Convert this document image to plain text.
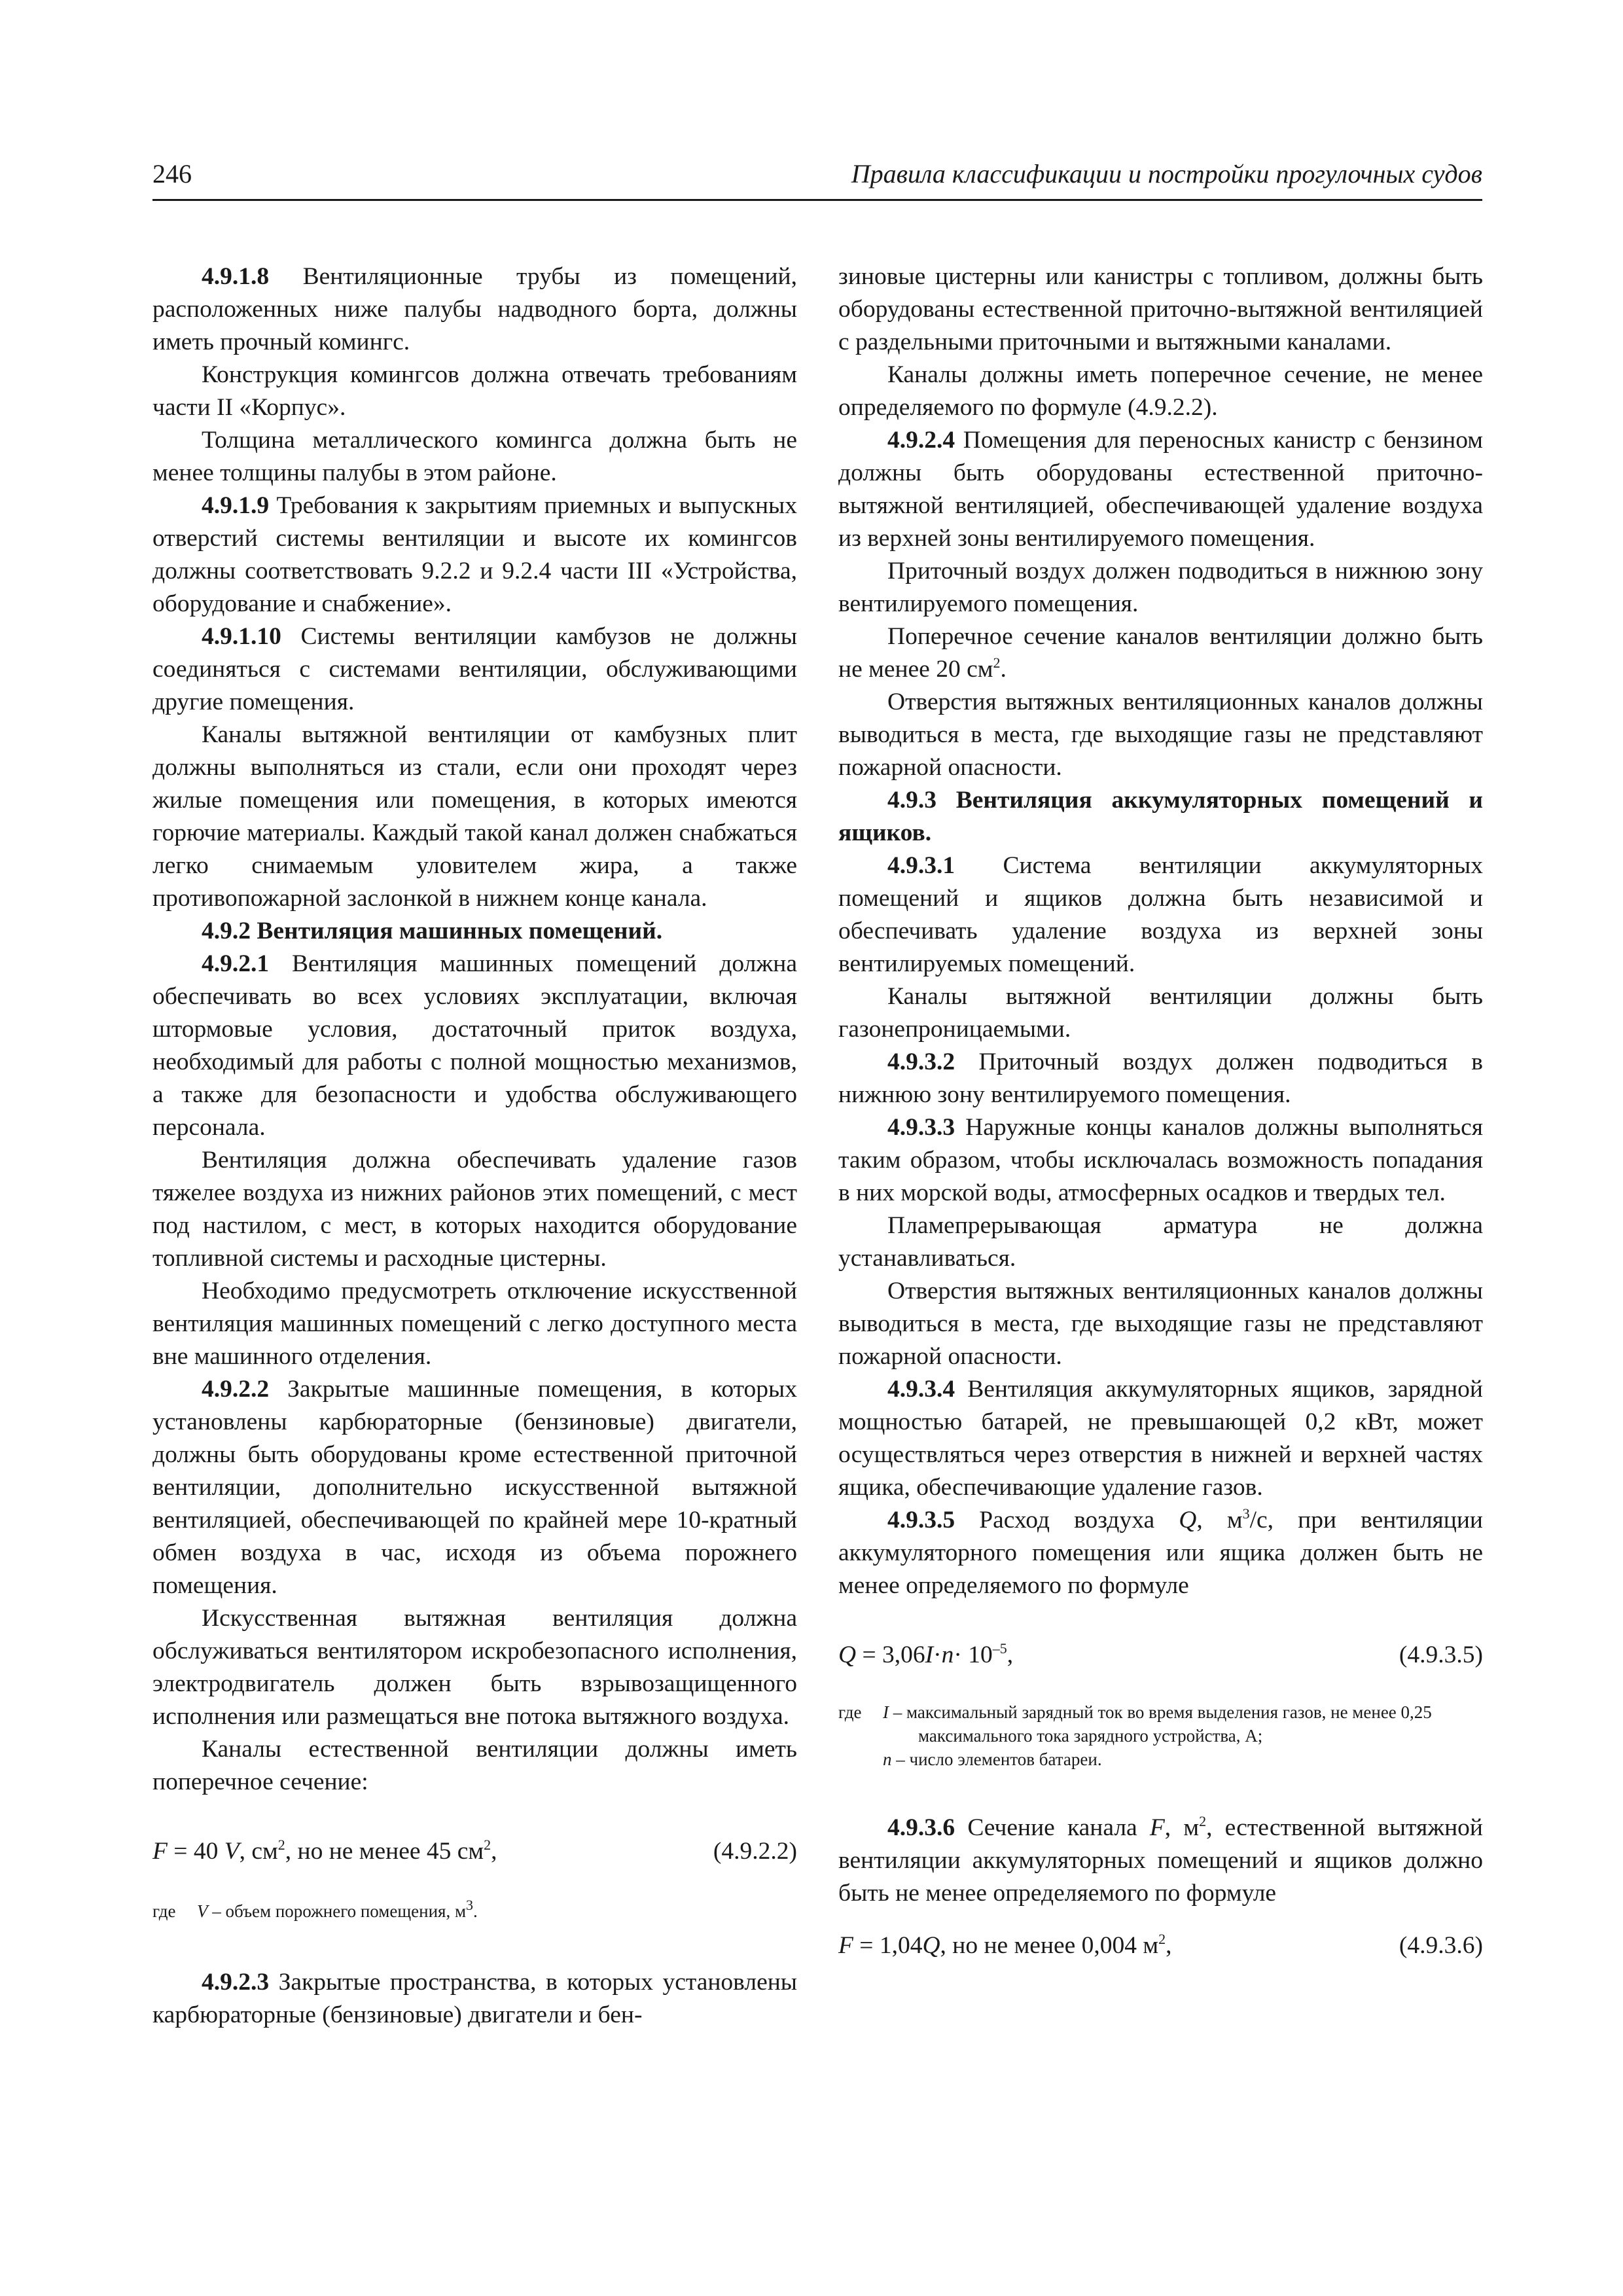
246	Правила классификации и постройки прогулочных судов

4.9.1.8 Вентиляционные трубы из помещений, расположенных ниже палубы надводного борта, должны иметь прочный комингс.

Конструкция комингсов должна отвечать требованиям части II «Корпус».

Толщина металлического комингса должна быть не менее толщины палубы в этом районе.

4.9.1.9 Требования к закрытиям приемных и выпускных отверстий системы вентиляции и высоте их комингсов должны соответствовать 9.2.2 и 9.2.4 части III «Устройства, оборудование и снабжение».

4.9.1.10 Системы вентиляции камбузов не должны соединяться с системами вентиляции, обслуживающими другие помещения.

Каналы вытяжной вентиляции от камбузных плит должны выполняться из стали, если они проходят через жилые помещения или помещения, в которых имеются горючие материалы. Каждый такой канал должен снабжаться легко снимаемым уловителем жира, а также противопожарной заслонкой в нижнем конце канала.

4.9.2 Вентиляция машинных помещений.

4.9.2.1 Вентиляция машинных помещений должна обеспечивать во всех условиях эксплуатации, включая штормовые условия, достаточный приток воздуха, необходимый для работы с полной мощностью механизмов, а также для безопасности и удобства обслуживающего персонала.

Вентиляция должна обеспечивать удаление газов тяжелее воздуха из нижних районов этих помещений, с мест под настилом, с мест, в которых находится оборудование топливной системы и расходные цистерны.

Необходимо предусмотреть отключение искусственной вентиляция машинных помещений с легко доступного места вне машинного отделения.

4.9.2.2 Закрытые машинные помещения, в которых установлены карбюраторные (бензиновые) двигатели, должны быть оборудованы кроме естественной приточной вентиляции, дополнительно искусственной вытяжной вентиляцией, обеспечивающей по крайней мере 10-кратный обмен воздуха в час, исходя из объема порожнего помещения.

Искусственная вытяжная вентиляция должна обслуживаться вентилятором искробезопасного исполнения, электродвигатель должен быть взрывозащищенного исполнения или размещаться вне потока вытяжного воздуха.

Каналы естественной вентиляции должны иметь поперечное сечение:

F = 40 V, $см^2$, но не менее 45 $см^2$,	(4.9.2.2)
где V – объем порожнего помещения, $м^3$.

4.9.2.3 Закрытые пространства, в которых установлены карбюраторные (бензиновые) двигатели и бен-

зиновые цистерны или канистры с топливом, должны быть оборудованы естественной приточно-вытяжной вентиляцией с раздельными приточными и вытяжными каналами.

Каналы должны иметь поперечное сечение, не менее определяемого по формуле (4.9.2.2).

4.9.2.4 Помещения для переносных канистр с бензином должны быть оборудованы естественной приточно-вытяжной вентиляцией, обеспечивающей удаление воздуха из верхней зоны вентилируемого помещения.

Приточный воздух должен подводиться в нижнюю зону вентилируемого помещения.

Поперечное сечение каналов вентиляции должно быть не менее 20 $см^2$.

Отверстия вытяжных вентиляционных каналов должны выводиться в места, где выходящие газы не представляют пожарной опасности.

4.9.3 Вентиляция аккумуляторных помещений и ящиков.

4.9.3.1 Система вентиляции аккумуляторных помещений и ящиков должна быть независимой и обеспечивать удаление воздуха из верхней зоны вентилируемых помещений.

Каналы вытяжной вентиляции должны быть газонепроницаемыми.

4.9.3.2 Приточный воздух должен подводиться в нижнюю зону вентилируемого помещения.

4.9.3.3 Наружные концы каналов должны выполняться таким образом, чтобы исключалась возможность попадания в них морской воды, атмосферных осадков и твердых тел.

Пламепрерывающая арматура не должна устанавливаться.

Отверстия вытяжных вентиляционных каналов должны выводиться в места, где выходящие газы не представляют пожарной опасности.

4.9.3.4 Вентиляция аккумуляторных ящиков, зарядной мощностью батарей, не превышающей 0,2 кВт, может осуществляться через отверстия в нижней и верхней частях ящика, обеспечивающие удаление газов.

4.9.3.5 Расход воздуха Q, $м^3/с$, при вентиляции аккумуляторного помещения или ящика должен быть не менее определяемого по формуле

$Q = 3,06I\cdot n\cdot 10^{-5}$,	(4.9.3.5)
где I – максимальный зарядный ток во время выделения газов, не менее 0,25 максимального тока зарядного устройства, А;
n – число элементов батареи.

4.9.3.6 Сечение канала F, $м^2$, естественной вытяжной вентиляции аккумуляторных помещений и ящиков должно быть не менее определяемого по формуле

F = 1,04Q, но не менее 0,004 $м^2$,	(4.9.3.6)
